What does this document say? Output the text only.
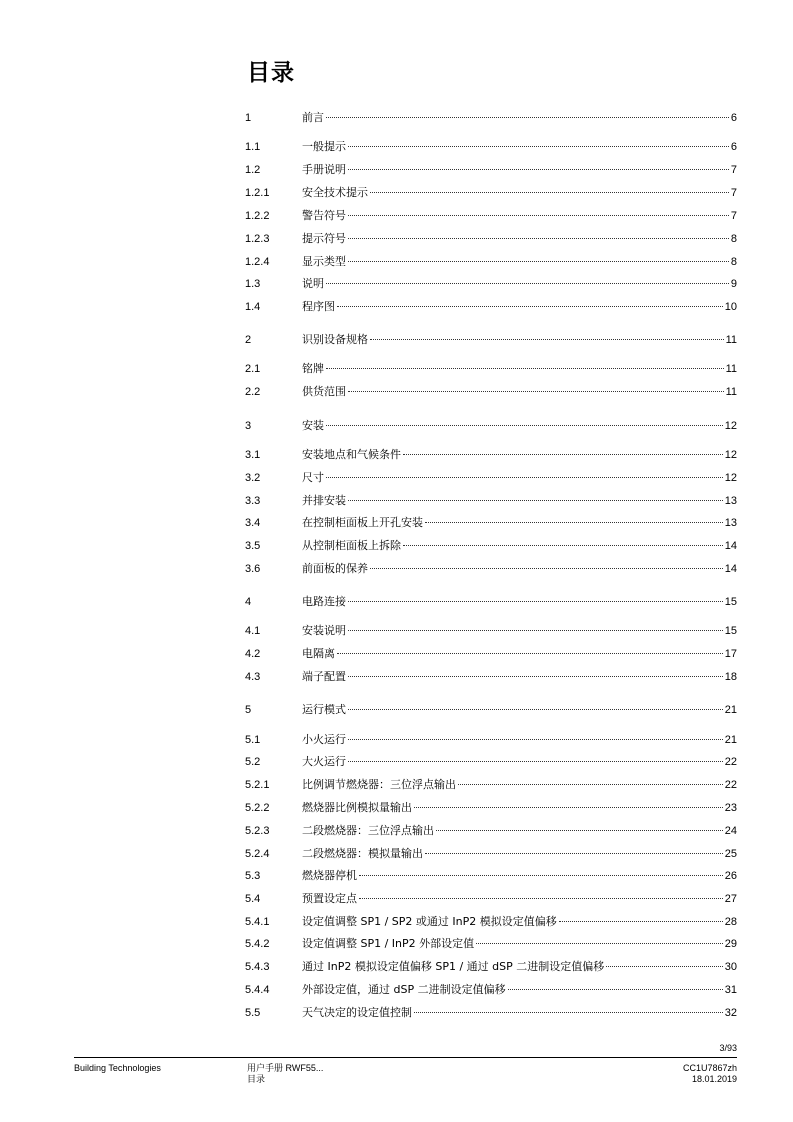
目录
1	前言	6
1.1	一般提示	6
1.2	手册说明	7
1.2.1	安全技术提示	7
1.2.2	警告符号	7
1.2.3	提示符号	8
1.2.4	显示类型	8
1.3	说明	9
1.4	程序图	10
2	识别设备规格	11
2.1	铭牌	11
2.2	供货范围	11
3	安装	12
3.1	安装地点和气候条件	12
3.2	尺寸	12
3.3	并排安装	13
3.4	在控制柜面板上开孔安装	13
3.5	从控制柜面板上拆除	14
3.6	前面板的保养	14
4	电路连接	15
4.1	安装说明	15
4.2	电隔离	17
4.3	端子配置	18
5	运行模式	21
5.1	小火运行	21
5.2	大火运行	22
5.2.1	比例调节燃烧器：三位浮点输出	22
5.2.2	燃烧器比例模拟量输出	23
5.2.3	二段燃烧器：三位浮点输出	24
5.2.4	二段燃烧器：模拟量输出	25
5.3	燃烧器停机	26
5.4	预置设定点	27
5.4.1	设定值调整 SP1 / SP2 或通过 InP2 模拟设定值偏移	28
5.4.2	设定值调整 SP1 / InP2 外部设定值	29
5.4.3	通过 InP2 模拟设定值偏移 SP1 / 通过 dSP 二进制设定值偏移	30
5.4.4	外部设定值，通过 dSP 二进制设定值偏移	31
5.5	天气决定的设定值控制	32
3/93
Building Technologies	用户手册 RWF55...
目录
CC1U7867zh
18.01.2019
